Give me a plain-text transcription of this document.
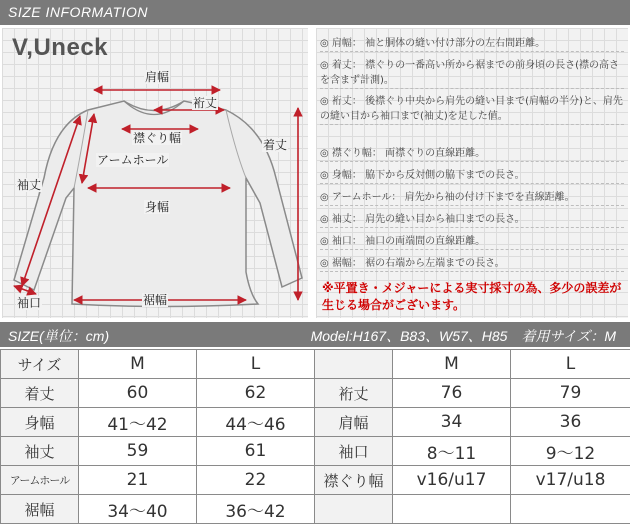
SIZE INFORMATION
V,Uneck
肩幅
裄丈
襟ぐり幅
アームホール
着丈
袖丈
身幅
袖口	裾幅
◎ 肩幅： 袖と胴体の縫い付け部分の左右間距離。
◎ 着丈： 襟ぐりの一番高い所から裾までの前身頃の長さ(襟の高さを含まず計測)。
◎ 裄丈： 後襟ぐり中央から肩先の縫い目まで(肩幅の半分)と、肩先の縫い目から袖口まで(袖丈)を足した値。
◎ 襟ぐり幅： 両襟ぐりの直線距離。
◎ 身幅： 脇下から反対側の脇下までの長さ。
◎ アームホール： 肩先から袖の付け下までを直線距離。
◎ 袖丈： 肩先の縫い目から袖口までの長さ。
◎ 袖口： 袖口の両端間の直線距離。
◎ 裾幅： 裾の右端から左端までの長さ。
※平置き・メジャーによる実寸採寸の為、多少の誤差が生じる場合がございます。
SIZE(単位：cm)	Model:H167、B83、W57、H85　着用サイズ：M
サイズ	M	L		M	L
着丈	60	62	裄丈	76	79
身幅	41～42	44～46	肩幅	34	36
袖丈	59	61	袖口	8～11	9～12
アームホール	21	22	襟ぐり幅	v16/u17	v17/u18
裾幅	34～40	36～42			
